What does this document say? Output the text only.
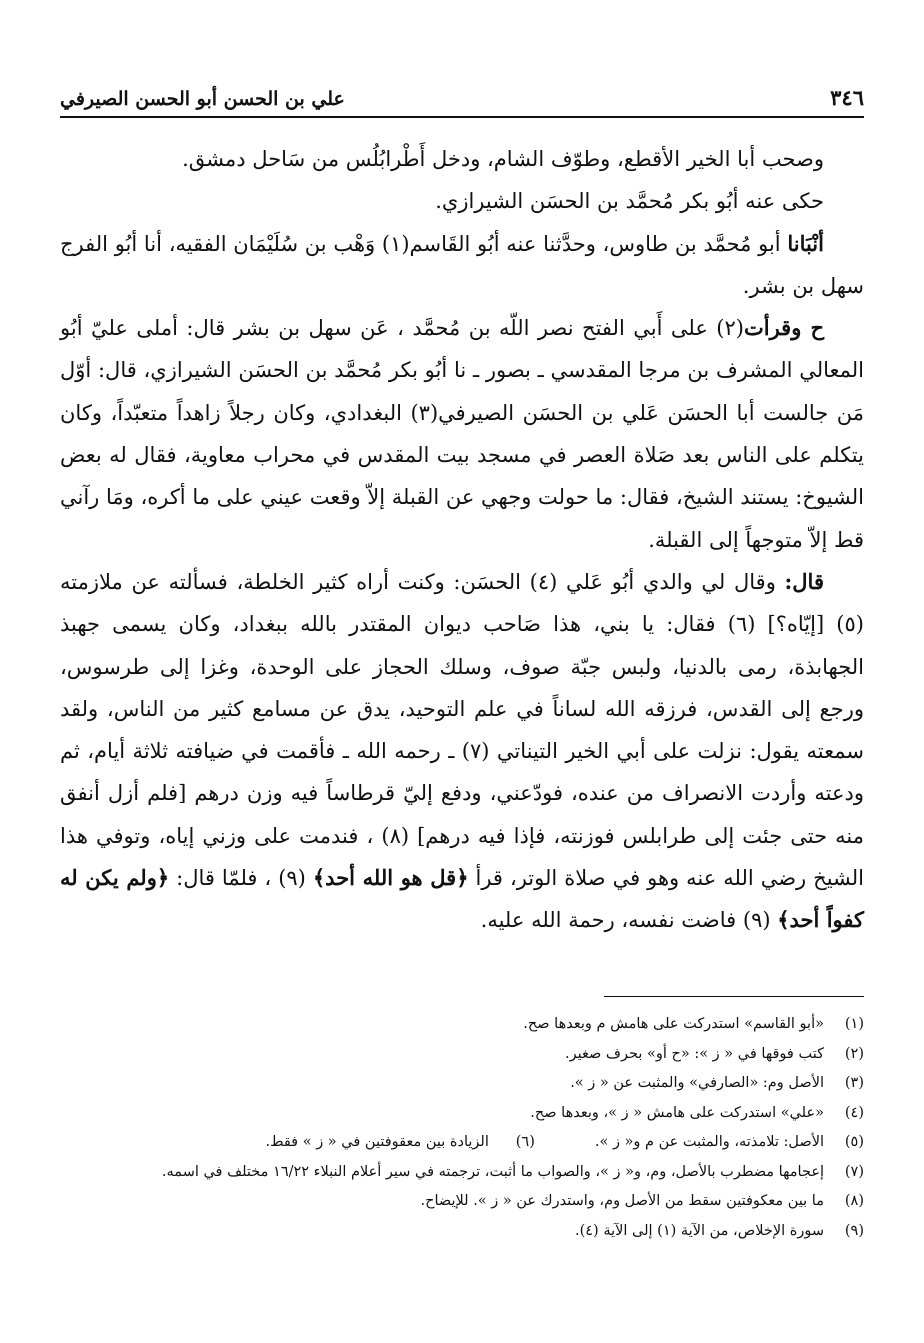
٣٤٦
علي بن الحسن أبو الحسن الصيرفي

وصحب أبا الخير الأقطع، وطوّف الشام، ودخل أَطْرابُلُس من سَاحل دمشق.

حكى عنه أبُو بكر مُحمَّد بن الحسَن الشيرازي.

أنْبَانا أبو مُحمَّد بن طاوس، وحدَّثنا عنه أبُو القَاسم(١) وَهْب بن سُلَيْمَان الفقيه، أنا أبُو الفرج سهل بن بشر.

ح وقرأت(٢) على أَبي الفتح نصر اللّه بن مُحمَّد ، عَن سهل بن بشر قال: أملى عليّ أبُو المعالي المشرف بن مرجا المقدسي ـ بصور ـ نا أبُو بكر مُحمَّد بن الحسَن الشيرازي، قال: أوّل مَن جالست أبا الحسَن عَلي بن الحسَن الصيرفي(٣) البغدادي، وكان رجلاً زاهداً متعبّداً، وكان يتكلم على الناس بعد صَلاة العصر في مسجد بيت المقدس في محراب معاوية، فقال له بعض الشيوخ: يستند الشيخ، فقال: ما حولت وجهي عن القبلة إلاّ وقعت عيني على ما أكره، ومَا رآني قط إلاّ متوجهاً إلى القبلة.

قال: وقال لي والدي أبُو عَلي (٤) الحسَن: وكنت أراه كثير الخلطة، فسألته عن ملازمته (٥) [إيّاه؟] (٦) فقال: يا بني، هذا صَاحب ديوان المقتدر بالله ببغداد، وكان يسمى جهبذ الجهابذة، رمى بالدنيا، ولبس جبّة صوف، وسلك الحجاز على الوحدة، وغزا إلى طرسوس، ورجع إلى القدس، فرزقه الله لساناً في علم التوحيد، يدق عن مسامع كثير من الناس، ولقد سمعته يقول: نزلت على أبي الخير التيناتي (٧) ـ رحمه الله ـ فأقمت في ضيافته ثلاثة أيام، ثم ودعته وأردت الانصراف من عنده، فودّعني، ودفع إليّ قرطاساً فيه وزن درهم [فلم أزل أنفق منه حتى جئت إلى طرابلس فوزنته، فإذا فيه درهم] (٨) ، فندمت على وزني إياه، وتوفي هذا الشيخ رضي الله عنه وهو في صلاة الوتر، قرأ ﴿قل هو الله أحد﴾ (٩) ، فلمّا قال: ﴿ولم يكن له كفواً أحد﴾ (٩) فاضت نفسه، رحمة الله عليه.

(١)
«أبو القاسم» استدركت على هامش م وبعدها صح.
(٢)
كتب فوقها في « ز »: «ح أو» بحرف صغير.
(٣)
الأصل وم: «الصارفي» والمثبت عن « ز ».
(٤)
«علي» استدركت على هامش « ز »، وبعدها صح.
(٥)
الأصل: تلامذته، والمثبت عن م و« ز ».
(٦)
الزيادة بين معقوفتين في « ز » فقط.
(٧)
إعجامها مضطرب بالأصل، وم، و« ز »، والصواب ما أثبت، ترجمته في سير أعلام النبلاء ١٦/٢٢ مختلف في اسمه.
(٨)
ما بين معكوفتين سقط من الأصل وم، واستدرك عن « ز ». للإيضاح.
(٩)
سورة الإخلاص، من الآية (١) إلى الآية (٤).
